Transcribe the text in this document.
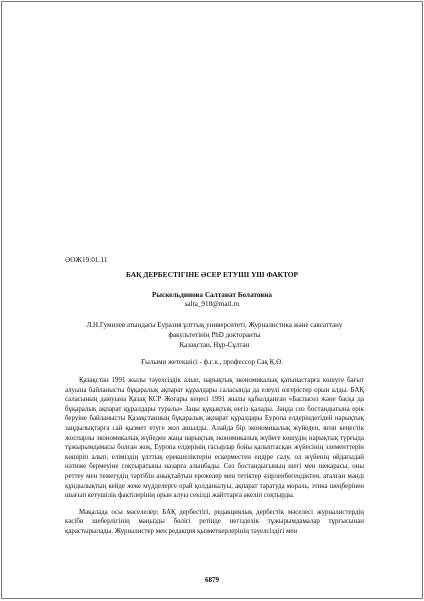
ӘОЖ19.01.11
БАҚ ДЕРБЕСТІГІНЕ ӘСЕР ЕТУШІ ҮШ ФАКТОР
Рыскельдинова Салтанат Болатовна
salta_918@mail.ru
Л.Н.Гумилев атындағы Еуразия ұлттық университеті, Журналистика және саясаттану
факультетінің PhD докторанты
Қазақстан, Нұр-Сұлтан
Ғылыми жетекшісі - ф.ғ.к., профессор Сақ Қ.Ө.

Қазақстан 1991 жылы тәуелсіздік алып, нарықтық экономикалық қатынастарға көшуге бағыт алуына байланысты бұқаралық ақпарат құралдары саласында да елеулі өзгерістер орын алды. БАҚ саласының дамуына Қазақ КСР Жоғары кеңесі 1991 жылы қабылданған «Баспасөз және басқа да бұқаралық ақпарат құралдары туралы» Заңы құқықтық негіз қалады. Заңда сөз бостандығына ерік беруіне байланысты Қазақстанның бұқаралық ақпарат құралдары Еуропа елдеріндегідей нарықтық заңдылықтарға сай қызмет етуге жол ашылды. Алайда бір экономикалық жүйеден, яғни кеңестік жоспарлы экономикалық жүйеден жаңа нарықтық экономикалық жүйеге көшудің нарықтық түрғыда тұжырымдамасы болған жоқ. Еуропа елдерінің ғасырлар бойы қалыптасқан жүйесінің элементтерін көшіріп алып, еліміздің ұлттық ерекшеліктерін ескерместен ендіре салу, ол жүйенің өйдағыдай нәтиже бермеуіне соқтыратыны назарға алынбады. Сөз бостандығының шегі мен шекарасы, оны реттеу мен тежегудің тәртібін анықтайтын ережелер мен тетіктер әзірленбегендіктен, аталған мәнді құндылықтың кейде жеке мүдделерге орай қолданылуы, ақпарат таратуда мораль, этика шеңберінен шығып кетушілік фактілерінің орын алуы секілді жайттарға әкеліп соқтырды.

Мақалада осы мәселелер: БАҚ дербестігі, редакциялық дербестік мәселесі журналистердің кәсіби шеберлігінің маңызды бөлігі ретінде негізделік тұжырымдамалар тұрғысынан қарастырылады. Журналистер мен редакция қызметкерлерінің тәуелсіздігі мен

6879
